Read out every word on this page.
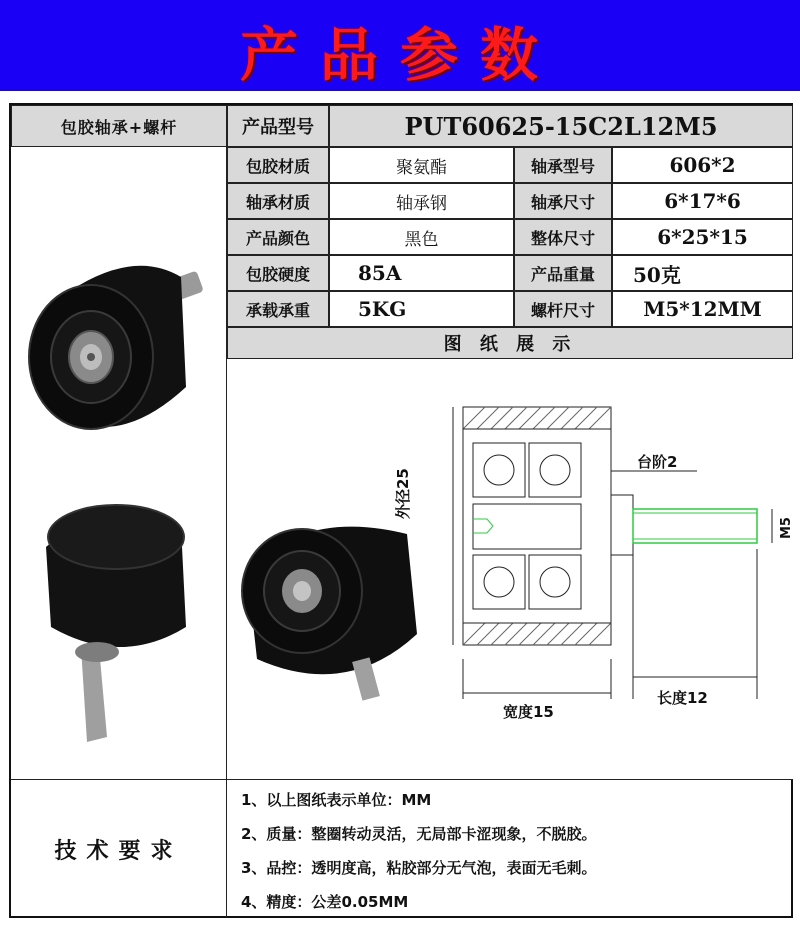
产品参数
包胶轴承+螺杆	产品型号	PUT60625-15C2L12M5
包胶材质	聚氨酯	轴承型号	606*2
轴承材质	轴承钢	轴承尺寸	6*17*6
产品颜色	黑色	整体尺寸	6*25*15
包胶硬度 85A	产品重量 50克
承载承重 5KG	螺杆尺寸 M5*12MM
图 纸 展 示
台阶2
外径25
M5
宽度15
长度12
技术要求
1、以上图纸表示单位：MM
2、质量：整圈转动灵活，无局部卡涩现象，不脱胶。
3、品控：透明度高，粘胶部分无气泡，表面无毛刺。
4、精度：公差0.05MM
